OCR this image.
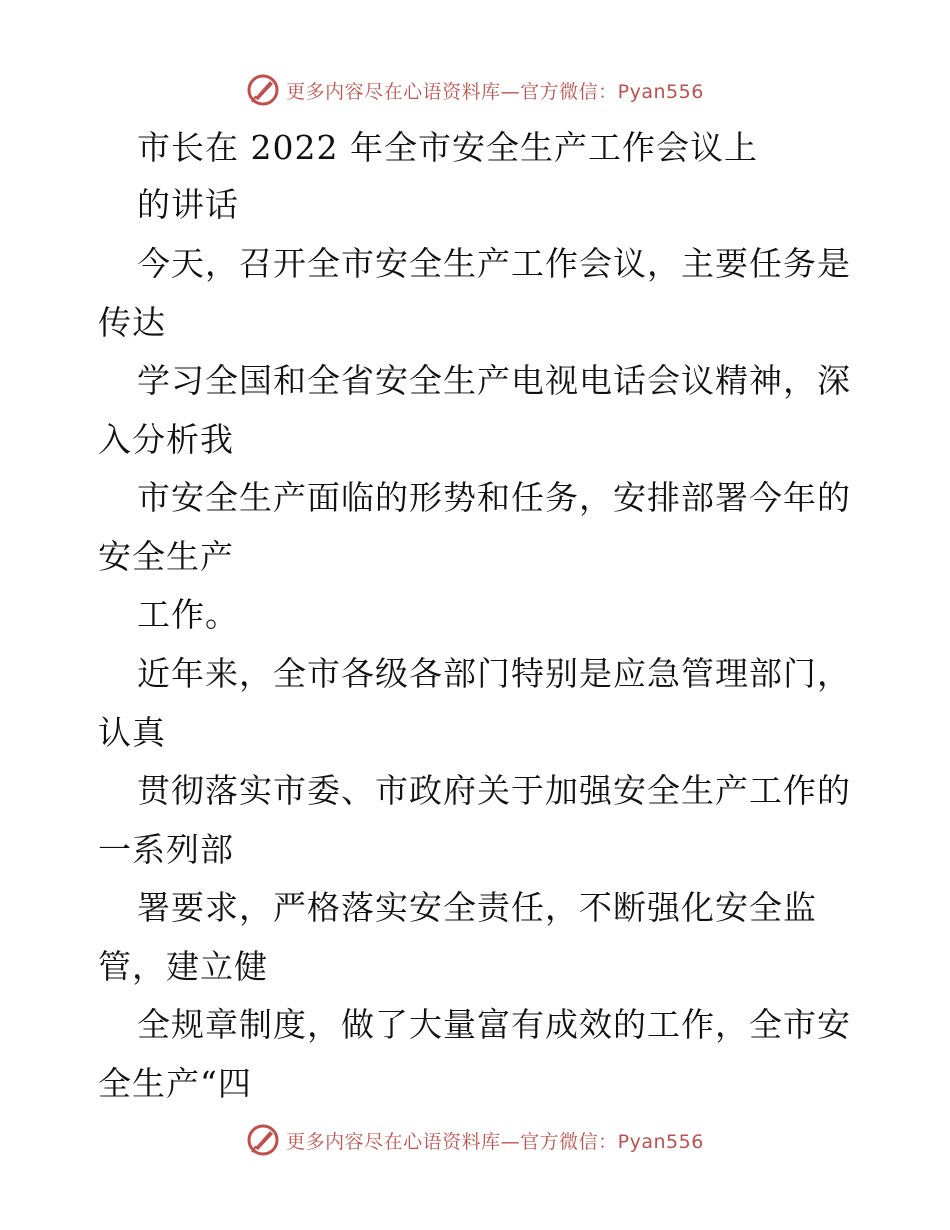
更多内容尽在心语资料库—官方微信：Pyan556
市长在 2022 年全市安全生产工作会议上
的讲话
今天，召开全市安全生产工作会议，主要任务是
传达
学习全国和全省安全生产电视电话会议精神，深
入分析我
市安全生产面临的形势和任务，安排部署今年的
安全生产
工作。
近年来，全市各级各部门特别是应急管理部门，
认真
贯彻落实市委、市政府关于加强安全生产工作的
一系列部
署要求，严格落实安全责任，不断强化安全监
管，建立健
全规章制度，做了大量富有成效的工作，全市安
全生产“四
更多内容尽在心语资料库—官方微信：Pyan556
